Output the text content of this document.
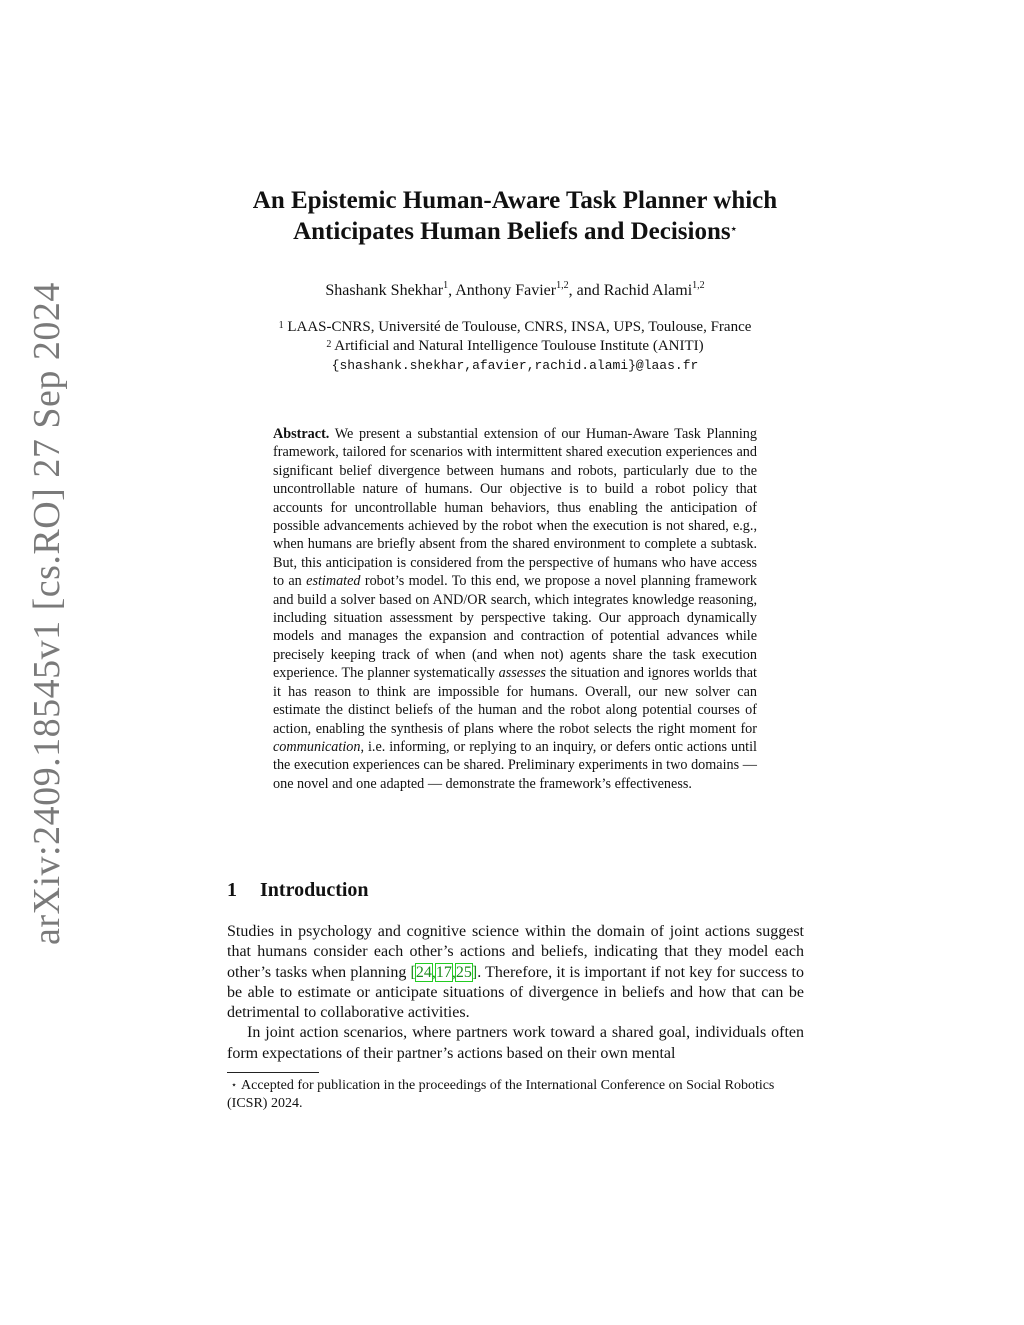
arXiv:2409.18545v1 [cs.RO] 27 Sep 2024
An Epistemic Human-Aware Task Planner which
Anticipates Human Beliefs and Decisions⋆
Shashank Shekhar$^1$, Anthony Favier$^{1,2}$, and Rachid Alami$^{1,2}$
$^1$ LAAS-CNRS, Université de Toulouse, CNRS, INSA, UPS, Toulouse, France
$^2$ Artificial and Natural Intelligence Toulouse Institute (ANITI)
{shashank.shekhar,afavier,rachid.alami}@laas.fr
Abstract. We present a substantial extension of our Human-Aware Task Planning framework, tailored for scenarios with intermittent shared execution experiences and significant belief divergence between humans and robots, particularly due to the uncontrollable nature of humans. Our objective is to build a robot policy that accounts for uncontrollable human behaviors, thus enabling the anticipation of possible advancements achieved by the robot when the execution is not shared, e.g., when humans are briefly absent from the shared environment to complete a subtask. But, this anticipation is considered from the perspective of humans who have access to an estimated robot’s model. To this end, we propose a novel planning framework and build a solver based on AND/OR search, which integrates knowledge reasoning, including situation assessment by perspective taking. Our approach dynamically models and manages the expansion and contraction of potential advances while precisely keeping track of when (and when not) agents share the task execution experience. The planner systematically assesses the situation and ignores worlds that it has reason to think are impossible for humans. Overall, our new solver can estimate the distinct beliefs of the human and the robot along potential courses of action, enabling the synthesis of plans where the robot selects the right moment for communication, i.e. informing, or replying to an inquiry, or defers ontic actions until the execution experiences can be shared. Preliminary experiments in two domains — one novel and one adapted — demonstrate the framework’s effectiveness.
1 Introduction

Studies in psychology and cognitive science within the domain of joint actions suggest that humans consider each other’s actions and beliefs, indicating that they model each other’s tasks when planning [24,17,25]. Therefore, it is important if not key for success to be able to estimate or anticipate situations of divergence in beliefs and how that can be detrimental to collaborative activities.

In joint action scenarios, where partners work toward a shared goal, individuals often form expectations of their partner’s actions based on their own mental

⋆ Accepted for publication in the proceedings of the International Conference on Social Robotics (ICSR) 2024.
